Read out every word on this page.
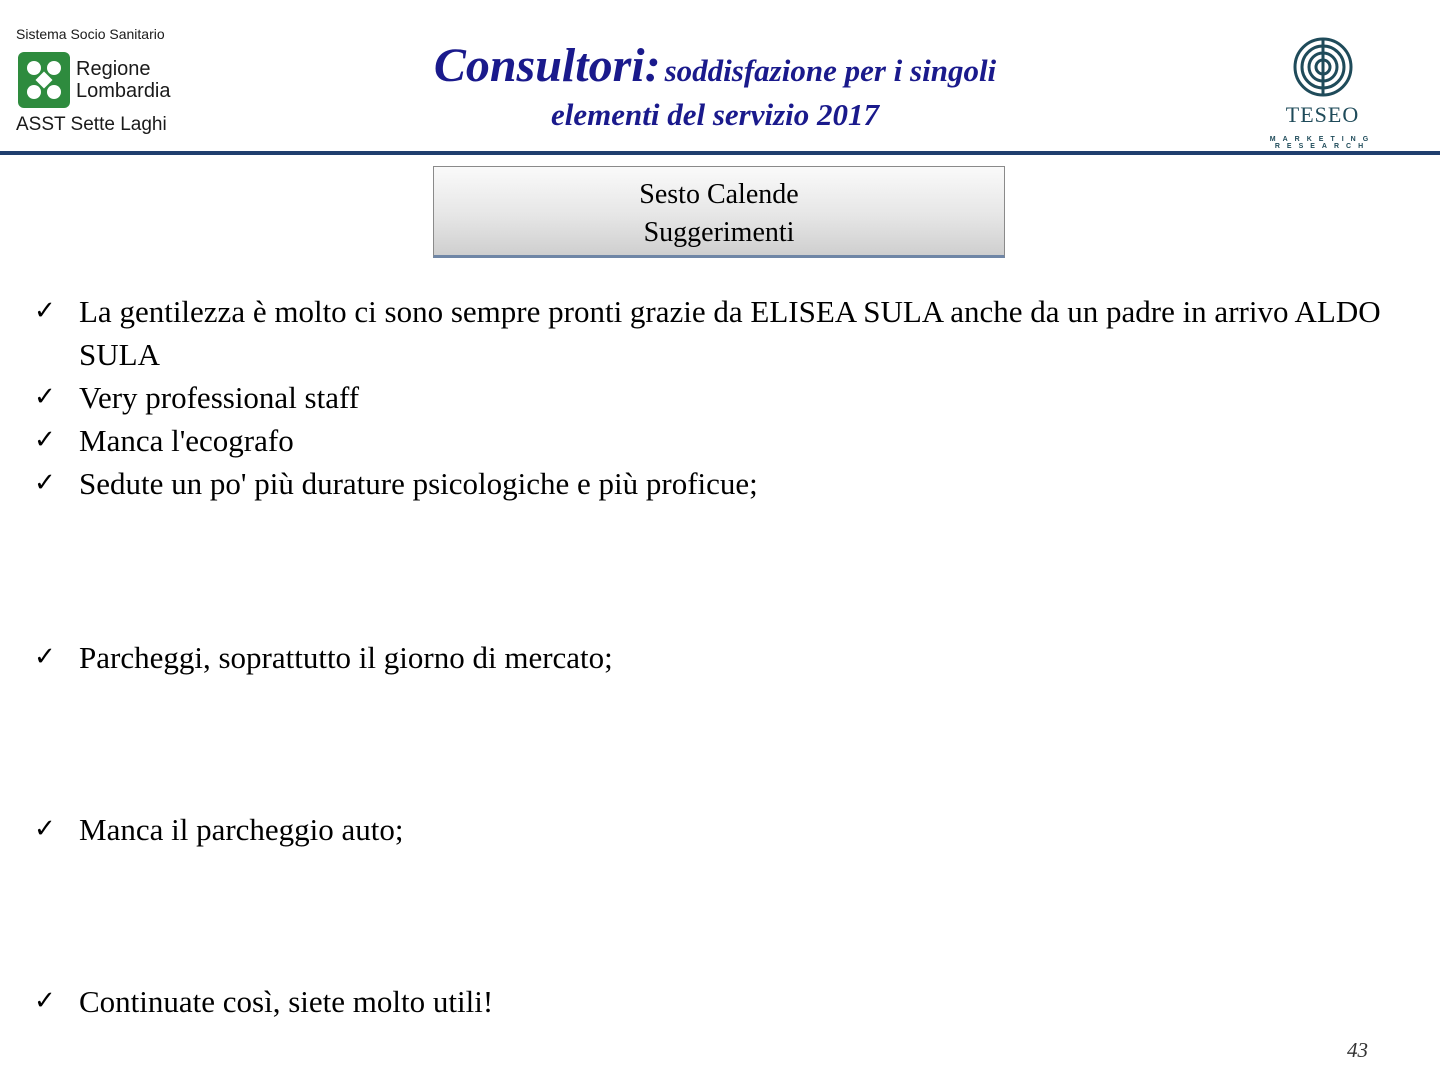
Sistema Socio Sanitario
Regione
Lombardia
ASST Sette Laghi
Consultori: soddisfazione per i singoli
elementi del servizio 2017	TESEO
MARKETING RESEARCH
Sesto Calende
Suggerimenti
✓ La gentilezza è molto ci sono sempre pronti grazie da ELISEA SULA anche da un padre in arrivo ALDO SULA
✓ Very professional staff
✓ Manca l'ecografo
✓ Sedute un po' più durature psicologiche e più proficue;
✓ Parcheggi, soprattutto il giorno di mercato;
✓ Manca il parcheggio auto;
✓ Continuate così, siete molto utili!
43
